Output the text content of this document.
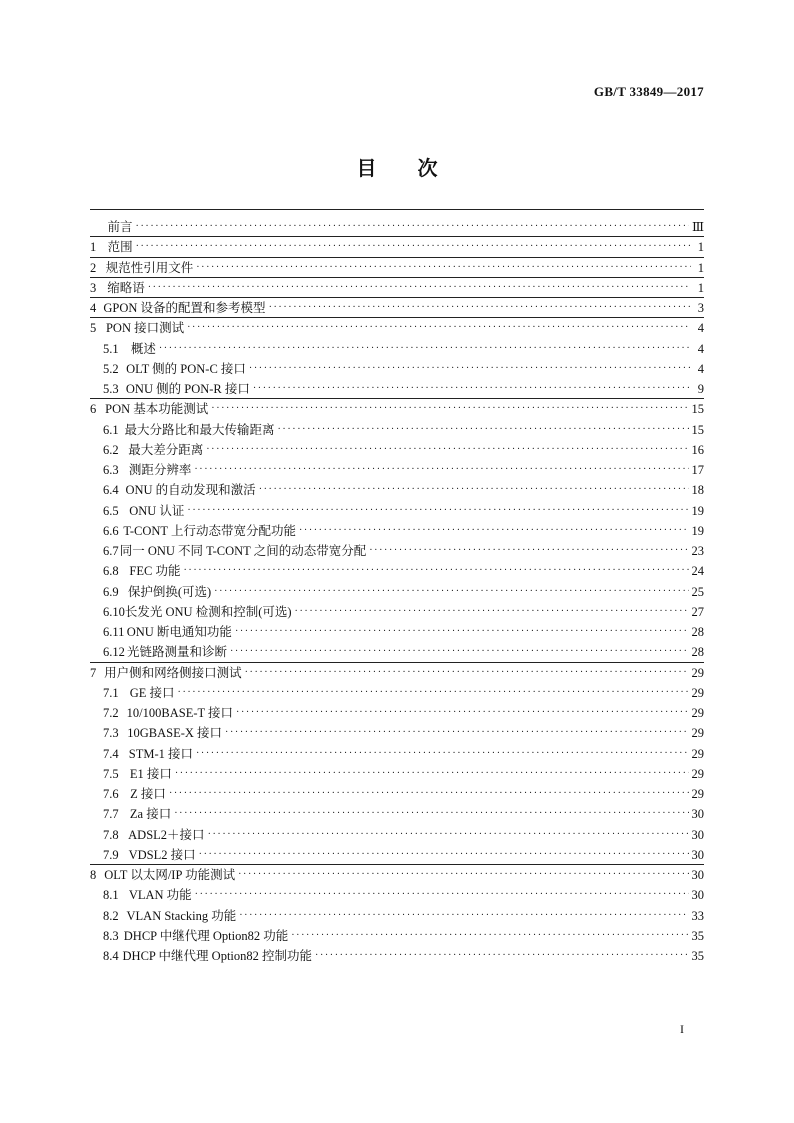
GB/T 33849—2017
目 次
前言 ·····	Ⅲ
1 范围 ·····	1
2 规范性引用文件 ·····	1
3 缩略语 ·····	1
4 GPON 设备的配置和参考模型 ·····	3
5 PON 接口测试 ·····	4
5.1 概述 ·····	4
5.2 OLT 侧的 PON-C 接口 ·····	4
5.3 ONU 侧的 PON-R 接口 ·····	9
6 PON 基本功能测试 ·····	15
6.1 最大分路比和最大传输距离 ·····	15
6.2 最大差分距离 ·····	16
6.3 测距分辨率 ·····	17
6.4 ONU 的自动发现和激活 ·····	18
6.5 ONU 认证 ·····	19
6.6 T-CONT 上行动态带宽分配功能 ·····	19
6.7 同一 ONU 不同 T-CONT 之间的动态带宽分配 ·····	23
6.8 FEC 功能 ·····	24
6.9 保护倒换(可选) ·····	25
6.10 长发光 ONU 检测和控制(可选) ·····	27
6.11 ONU 断电通知功能 ·····	28
6.12 光链路测量和诊断 ·····	28
7 用户侧和网络侧接口测试 ·····	29
7.1 GE 接口 ·····	29
7.2 10/100BASE-T 接口 ·····	29
7.3 10GBASE-X 接口 ·····	29
7.4 STM-1 接口 ·····	29
7.5 E1 接口 ·····	29
7.6 Z 接口 ·····	29
7.7 Za 接口 ·····	30
7.8 ADSL2＋接口 ·····	30
7.9 VDSL2 接口 ·····	30
8 OLT 以太网/IP 功能测试 ·····	30
8.1 VLAN 功能 ·····	30
8.2 VLAN Stacking 功能 ·····	33
8.3 DHCP 中继代理 Option82 功能 ·····	35
8.4 DHCP 中继代理 Option82 控制功能 ·····	35
I
